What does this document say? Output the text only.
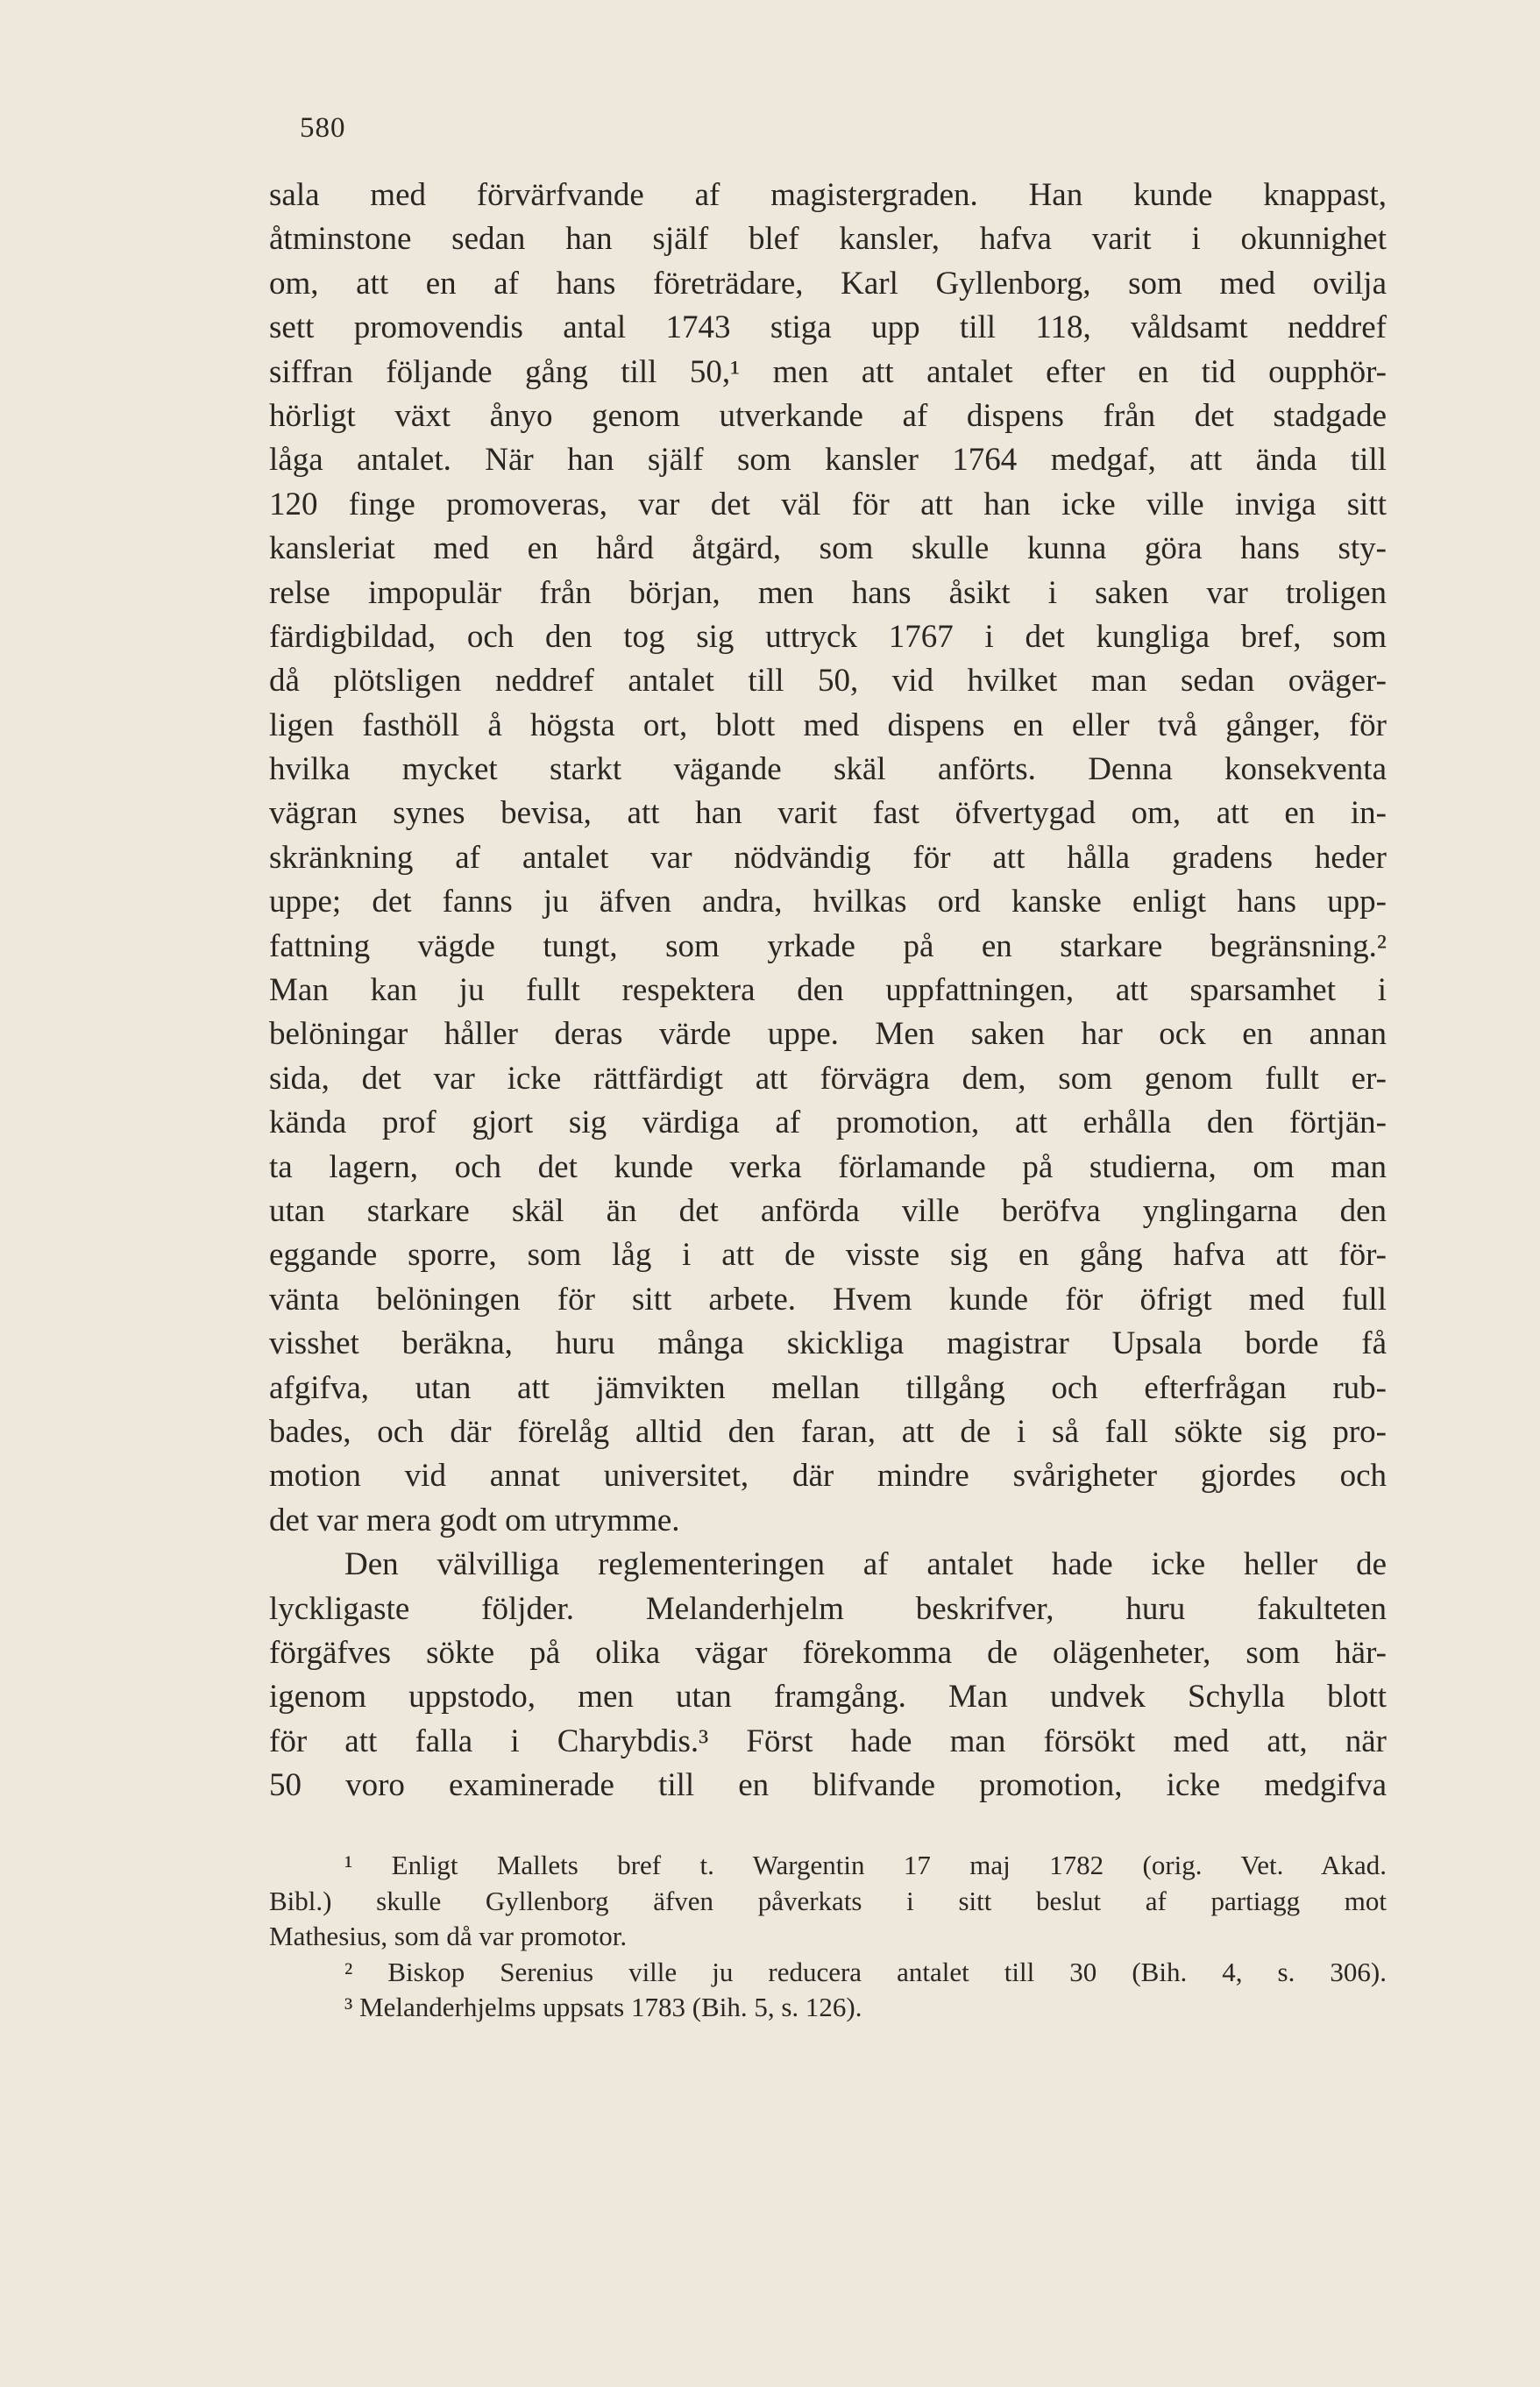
580
sala med förvärfvande af magistergraden. Han kunde knappast,
åtminstone sedan han själf blef kansler, hafva varit i okunnighet
om, att en af hans företrädare, Karl Gyllenborg, som med ovilja
sett promovendis antal 1743 stiga upp till 118, våldsamt neddref
siffran följande gång till 50,¹ men att antalet efter en tid oupphör-
hörligt växt ånyo genom utverkande af dispens från det stadgade
låga antalet. När han själf som kansler 1764 medgaf, att ända till
120 finge promoveras, var det väl för att han icke ville inviga sitt
kansleriat med en hård åtgärd, som skulle kunna göra hans sty-
relse impopulär från början, men hans åsikt i saken var troligen
färdigbildad, och den tog sig uttryck 1767 i det kungliga bref, som
då plötsligen neddref antalet till 50, vid hvilket man sedan oväger-
ligen fasthöll å högsta ort, blott med dispens en eller två gånger, för
hvilka mycket starkt vägande skäl anförts. Denna konsekventa
vägran synes bevisa, att han varit fast öfvertygad om, att en in-
skränkning af antalet var nödvändig för att hålla gradens heder
uppe; det fanns ju äfven andra, hvilkas ord kanske enligt hans upp-
fattning vägde tungt, som yrkade på en starkare begränsning.²
Man kan ju fullt respektera den uppfattningen, att sparsamhet i
belöningar håller deras värde uppe. Men saken har ock en annan
sida, det var icke rättfärdigt att förvägra dem, som genom fullt er-
kända prof gjort sig värdiga af promotion, att erhålla den förtjän-
ta lagern, och det kunde verka förlamande på studierna, om man
utan starkare skäl än det anförda ville beröfva ynglingarna den
eggande sporre, som låg i att de visste sig en gång hafva att för-
vänta belöningen för sitt arbete. Hvem kunde för öfrigt med full
visshet beräkna, huru många skickliga magistrar Upsala borde få
afgifva, utan att jämvikten mellan tillgång och efterfrågan rub-
bades, och där förelåg alltid den faran, att de i så fall sökte sig pro-
motion vid annat universitet, där mindre svårigheter gjordes och
det var mera godt om utrymme.
Den välvilliga reglementeringen af antalet hade icke heller de
lyckligaste följder. Melanderhjelm beskrifver, huru fakulteten
förgäfves sökte på olika vägar förekomma de olägenheter, som här-
igenom uppstodo, men utan framgång. Man undvek Schylla blott
för att falla i Charybdis.³ Först hade man försökt med att, när
50 voro examinerade till en blifvande promotion, icke medgifva
¹ Enligt Mallets bref t. Wargentin 17 maj 1782 (orig. Vet. Akad.
Bibl.) skulle Gyllenborg äfven påverkats i sitt beslut af partiagg mot
Mathesius, som då var promotor.
² Biskop Serenius ville ju reducera antalet till 30 (Bih. 4, s. 306).
³ Melanderhjelms uppsats 1783 (Bih. 5, s. 126).
